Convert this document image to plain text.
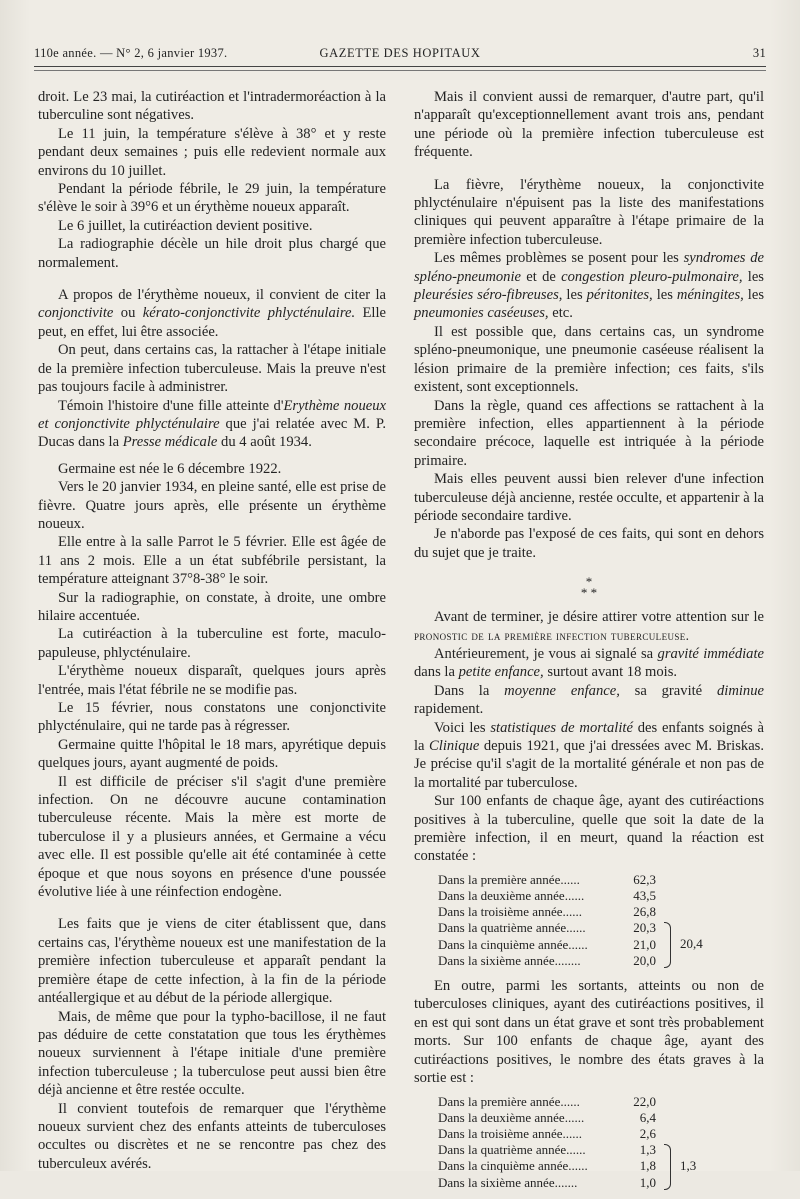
110e année. — N° 2, 6 janvier 1937.	GAZETTE DES HOPITAUX	31

droit. Le 23 mai, la cutiréaction et l'intradermoréaction à la tuberculine sont négatives.

Le 11 juin, la température s'élève à 38° et y reste pendant deux semaines ; puis elle redevient normale aux environs du 10 juillet.

Pendant la période fébrile, le 29 juin, la température s'élève le soir à 39°6 et un érythème noueux apparaît.

Le 6 juillet, la cutiréaction devient positive.

La radiographie décèle un hile droit plus chargé que normalement.

A propos de l'érythème noueux, il convient de citer la conjonctivite ou kérato-conjonctivite phlycténulaire. Elle peut, en effet, lui être associée.

On peut, dans certains cas, la rattacher à l'étape initiale de la première infection tuberculeuse. Mais la preuve n'est pas toujours facile à administrer.

Témoin l'histoire d'une fille atteinte d'Erythème noueux et conjonctivite phlycténulaire que j'ai relatée avec M. P. Ducas dans la Presse médicale du 4 août 1934.

Germaine est née le 6 décembre 1922.

Vers le 20 janvier 1934, en pleine santé, elle est prise de fièvre. Quatre jours après, elle présente un érythème noueux.

Elle entre à la salle Parrot le 5 février. Elle est âgée de 11 ans 2 mois. Elle a un état subfébrile persistant, la température atteignant 37°8-38° le soir.

Sur la radiographie, on constate, à droite, une ombre hilaire accentuée.

La cutiréaction à la tuberculine est forte, maculo-papuleuse, phlycténulaire.

L'érythème noueux disparaît, quelques jours après l'entrée, mais l'état fébrile ne se modifie pas.

Le 15 février, nous constatons une conjonctivite phlycténulaire, qui ne tarde pas à régresser.

Germaine quitte l'hôpital le 18 mars, apyrétique depuis quelques jours, ayant augmenté de poids.

Il est difficile de préciser s'il s'agit d'une première infection. On ne découvre aucune contamination tuberculeuse récente. Mais la mère est morte de tuberculose il y a plusieurs années, et Germaine a vécu avec elle. Il est possible qu'elle ait été contaminée à cette époque et que nous soyons en présence d'une poussée évolutive liée à une réinfection endogène.

Les faits que je viens de citer établissent que, dans certains cas, l'érythème noueux est une manifestation de la première infection tuberculeuse et apparaît pendant la première étape de cette infection, à la fin de la période antéallergique et au début de la période allergique.

Mais, de même que pour la typho-bacillose, il ne faut pas déduire de cette constatation que tous les érythèmes noueux surviennent à l'étape initiale d'une première infection tuberculeuse ; la tuberculose peut aussi bien être déjà ancienne et être restée occulte.

Il convient toutefois de remarquer que l'érythème noueux survient chez des enfants atteints de tuberculoses occultes ou discrètes et ne se rencontre pas chez des tuberculeux avérés.

Mais il convient aussi de remarquer, d'autre part, qu'il n'apparaît qu'exceptionnellement avant trois ans, pendant une période où la première infection tuberculeuse est fréquente.

La fièvre, l'érythème noueux, la conjonctivite phlycténulaire n'épuisent pas la liste des manifestations cliniques qui peuvent apparaître à l'étape primaire de la première infection tuberculeuse.

Les mêmes problèmes se posent pour les syndromes de spléno-pneumonie et de congestion pleuro-pulmonaire, les pleurésies séro-fibreuses, les péritonites, les méningites, les pneumonies caséeuses, etc.

Il est possible que, dans certains cas, un syndrome spléno-pneumonique, une pneumonie caséeuse réalisent la lésion primaire de la première infection; ces faits, s'ils existent, sont exceptionnels.

Dans la règle, quand ces affections se rattachent à la première infection, elles appartiennent à la période secondaire précoce, laquelle est intriquée à la période primaire.

Mais elles peuvent aussi bien relever d'une infection tuberculeuse déjà ancienne, restée occulte, et appartenir à la période secondaire tardive.

Je n'aborde pas l'exposé de ces faits, qui sont en dehors du sujet que je traite.

*
* *

Avant de terminer, je désire attirer votre attention sur le pronostic de la première infection tuberculeuse.

Antérieurement, je vous ai signalé sa gravité immédiate dans la petite enfance, surtout avant 18 mois.

Dans la moyenne enfance, sa gravité diminue rapidement.

Voici les statistiques de mortalité des enfants soignés à la Clinique depuis 1921, que j'ai dressées avec M. Briskas. Je précise qu'il s'agit de la mortalité générale et non pas de la mortalité par tuberculose.

Sur 100 enfants de chaque âge, ayant des cutiréactions positives à la tuberculine, quelle que soit la date de la première infection, il en meurt, quand la réaction est constatée :

Dans la première année......	62,3
Dans la deuxième année......	43,5
Dans la troisième année......	26,8
Dans la quatrième année......	20,3
Dans la cinquième année......	21,0
Dans la sixième année........	20,0
20,4

En outre, parmi les sortants, atteints ou non de tuberculoses cliniques, ayant des cutiréactions positives, il en est qui sont dans un état grave et sont très probablement morts. Sur 100 enfants de chaque âge, ayant des cutiréactions positives, le nombre des états graves à la sortie est :

Dans la première année......	22,0
Dans la deuxième année......	6,4
Dans la troisième année......	2,6
Dans la quatrième année......	1,3
Dans la cinquième année......	1,8
Dans la sixième année.......	1,0
1,3
